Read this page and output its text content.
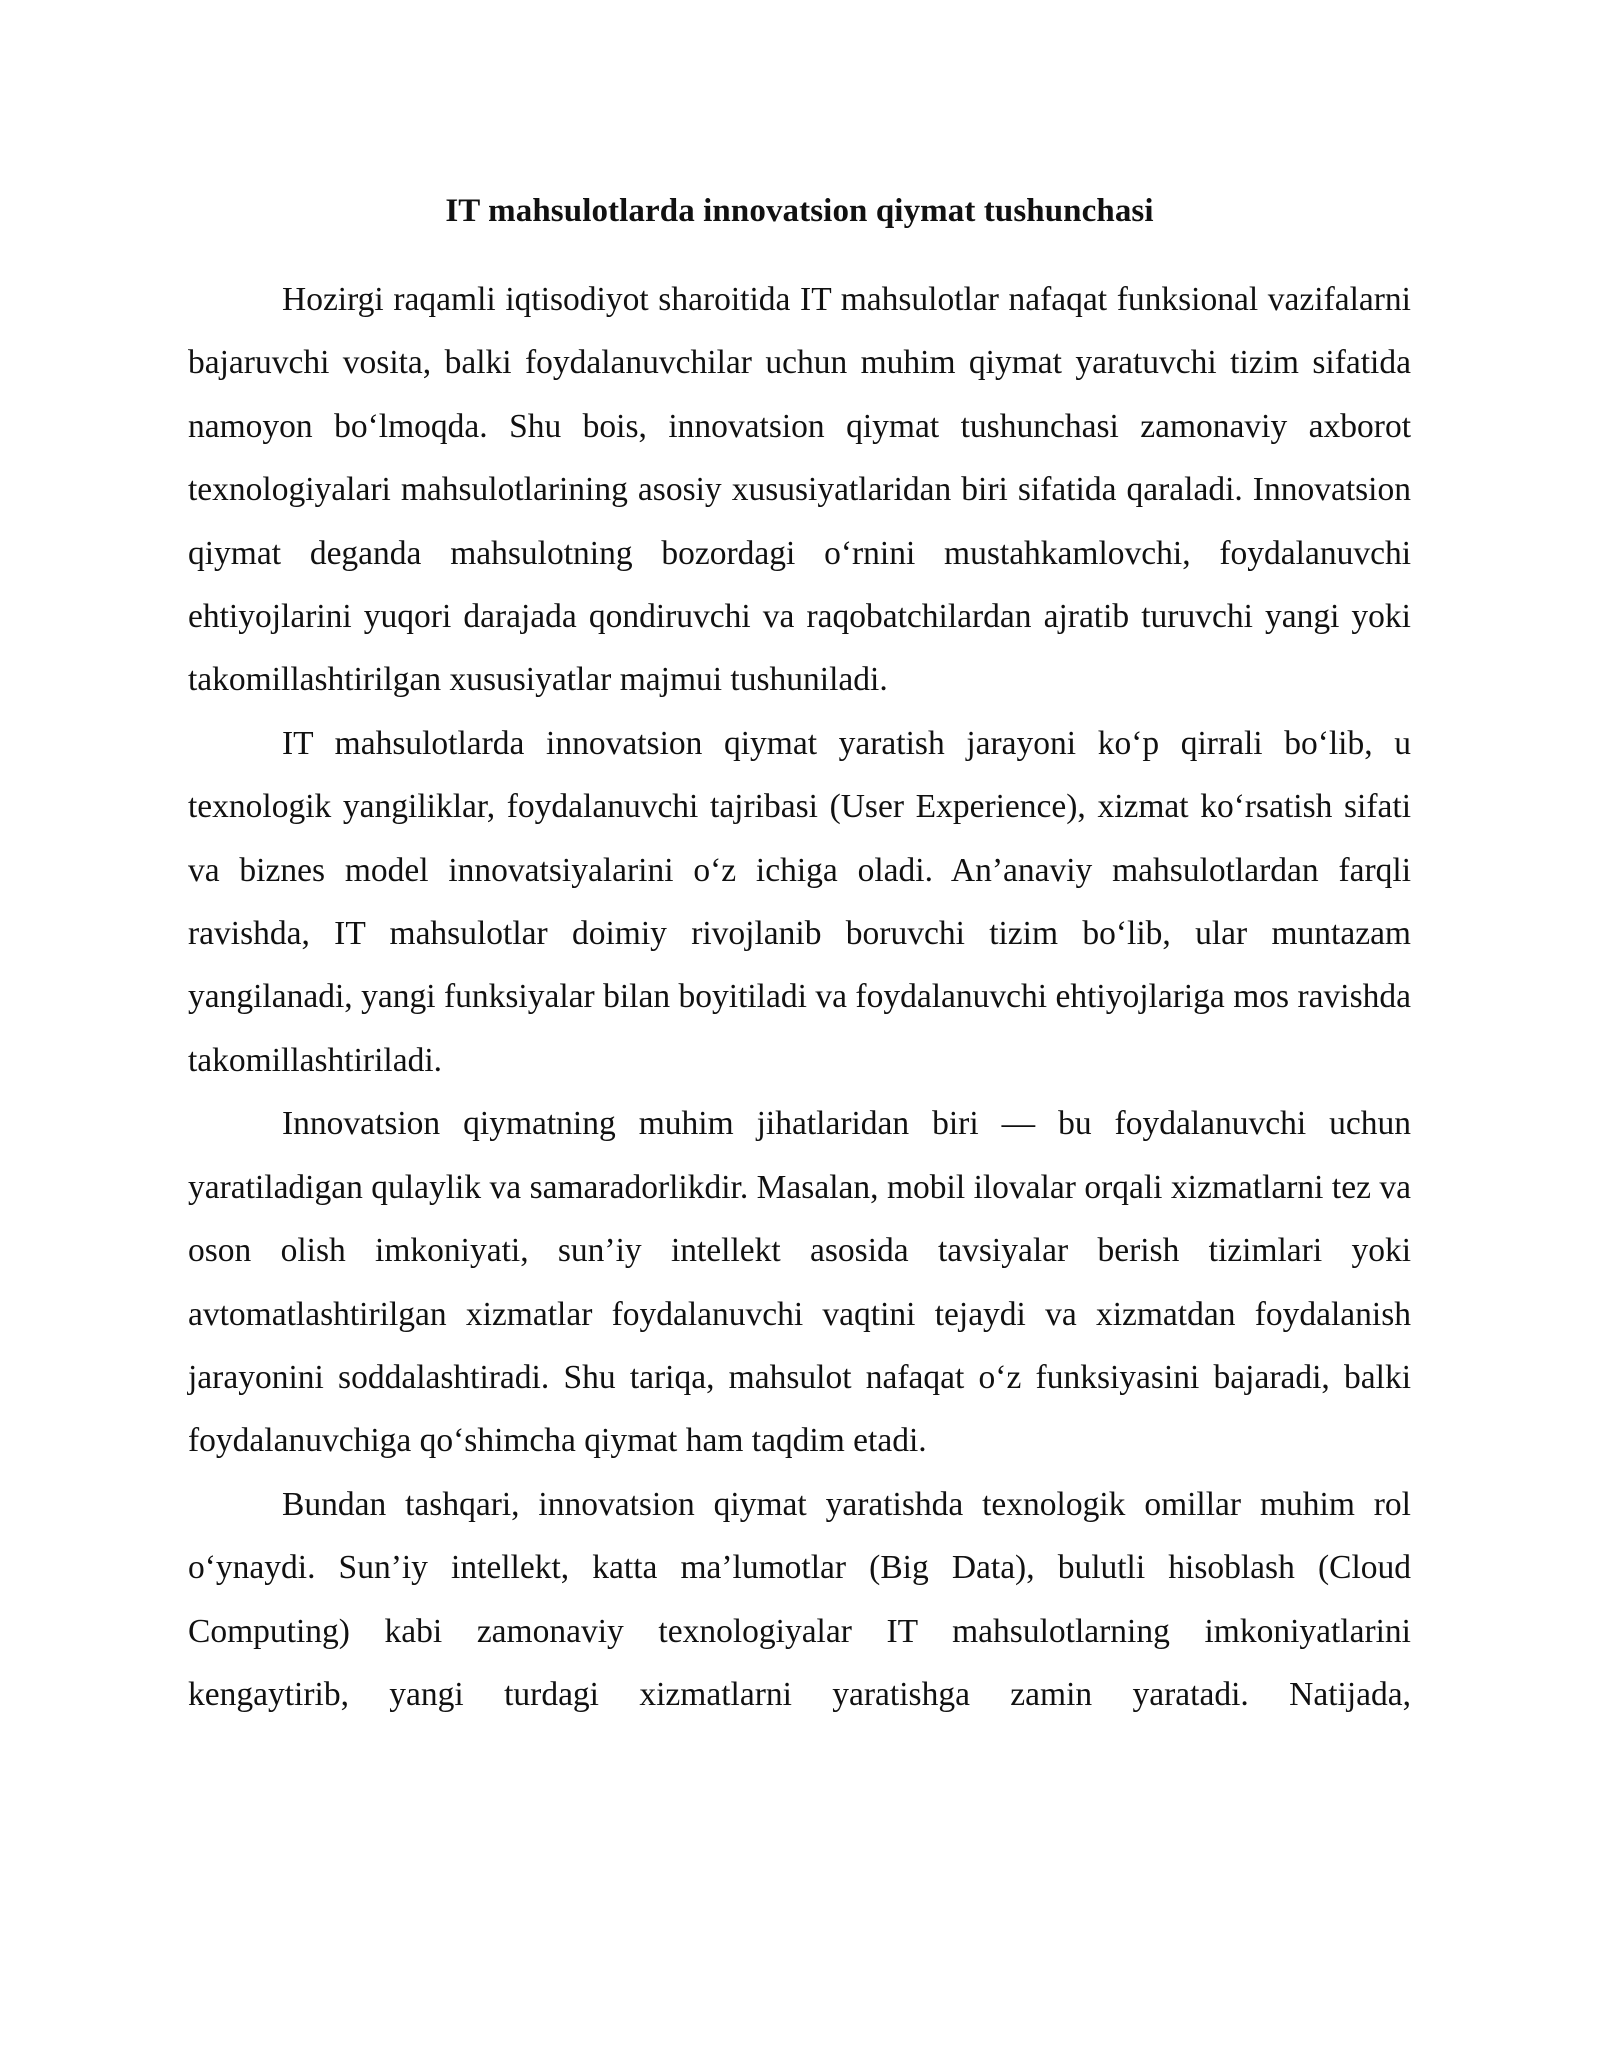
IT mahsulotlarda innovatsion qiymat tushunchasi

Hozirgi raqamli iqtisodiyot sharoitida IT mahsulotlar nafaqat funksional vazifalarni bajaruvchi vosita, balki foydalanuvchilar uchun muhim qiymat yaratuvchi tizim sifatida namoyon bo‘lmoqda. Shu bois, innovatsion qiymat tushunchasi zamonaviy axborot texnologiyalari mahsulotlarining asosiy xususiyatlaridan biri sifatida qaraladi. Innovatsion qiymat deganda mahsulotning bozordagi o‘rnini mustahkamlovchi, foydalanuvchi ehtiyojlarini yuqori darajada qondiruvchi va raqobatchilardan ajratib turuvchi yangi yoki takomillashtirilgan xususiyatlar majmui tushuniladi.

IT mahsulotlarda innovatsion qiymat yaratish jarayoni ko‘p qirrali bo‘lib, u texnologik yangiliklar, foydalanuvchi tajribasi (User Experience), xizmat ko‘rsatish sifati va biznes model innovatsiyalarini o‘z ichiga oladi. An’anaviy mahsulotlardan farqli ravishda, IT mahsulotlar doimiy rivojlanib boruvchi tizim bo‘lib, ular muntazam yangilanadi, yangi funksiyalar bilan boyitiladi va foydalanuvchi ehtiyojlariga mos ravishda takomillashtiriladi.

Innovatsion qiymatning muhim jihatlaridan biri — bu foydalanuvchi uchun yaratiladigan qulaylik va samaradorlikdir. Masalan, mobil ilovalar orqali xizmatlarni tez va oson olish imkoniyati, sun’iy intellekt asosida tavsiyalar berish tizimlari yoki avtomatlashtirilgan xizmatlar foydalanuvchi vaqtini tejaydi va xizmatdan foydalanish jarayonini soddalashtiradi. Shu tariqa, mahsulot nafaqat o‘z funksiyasini bajaradi, balki foydalanuvchiga qo‘shimcha qiymat ham taqdim etadi.

Bundan tashqari, innovatsion qiymat yaratishda texnologik omillar muhim rol o‘ynaydi. Sun’iy intellekt, katta ma’lumotlar (Big Data), bulutli hisoblash (Cloud Computing) kabi zamonaviy texnologiyalar IT mahsulotlarning imkoniyatlarini kengaytirib, yangi turdagi xizmatlarni yaratishga zamin yaratadi. Natijada,
